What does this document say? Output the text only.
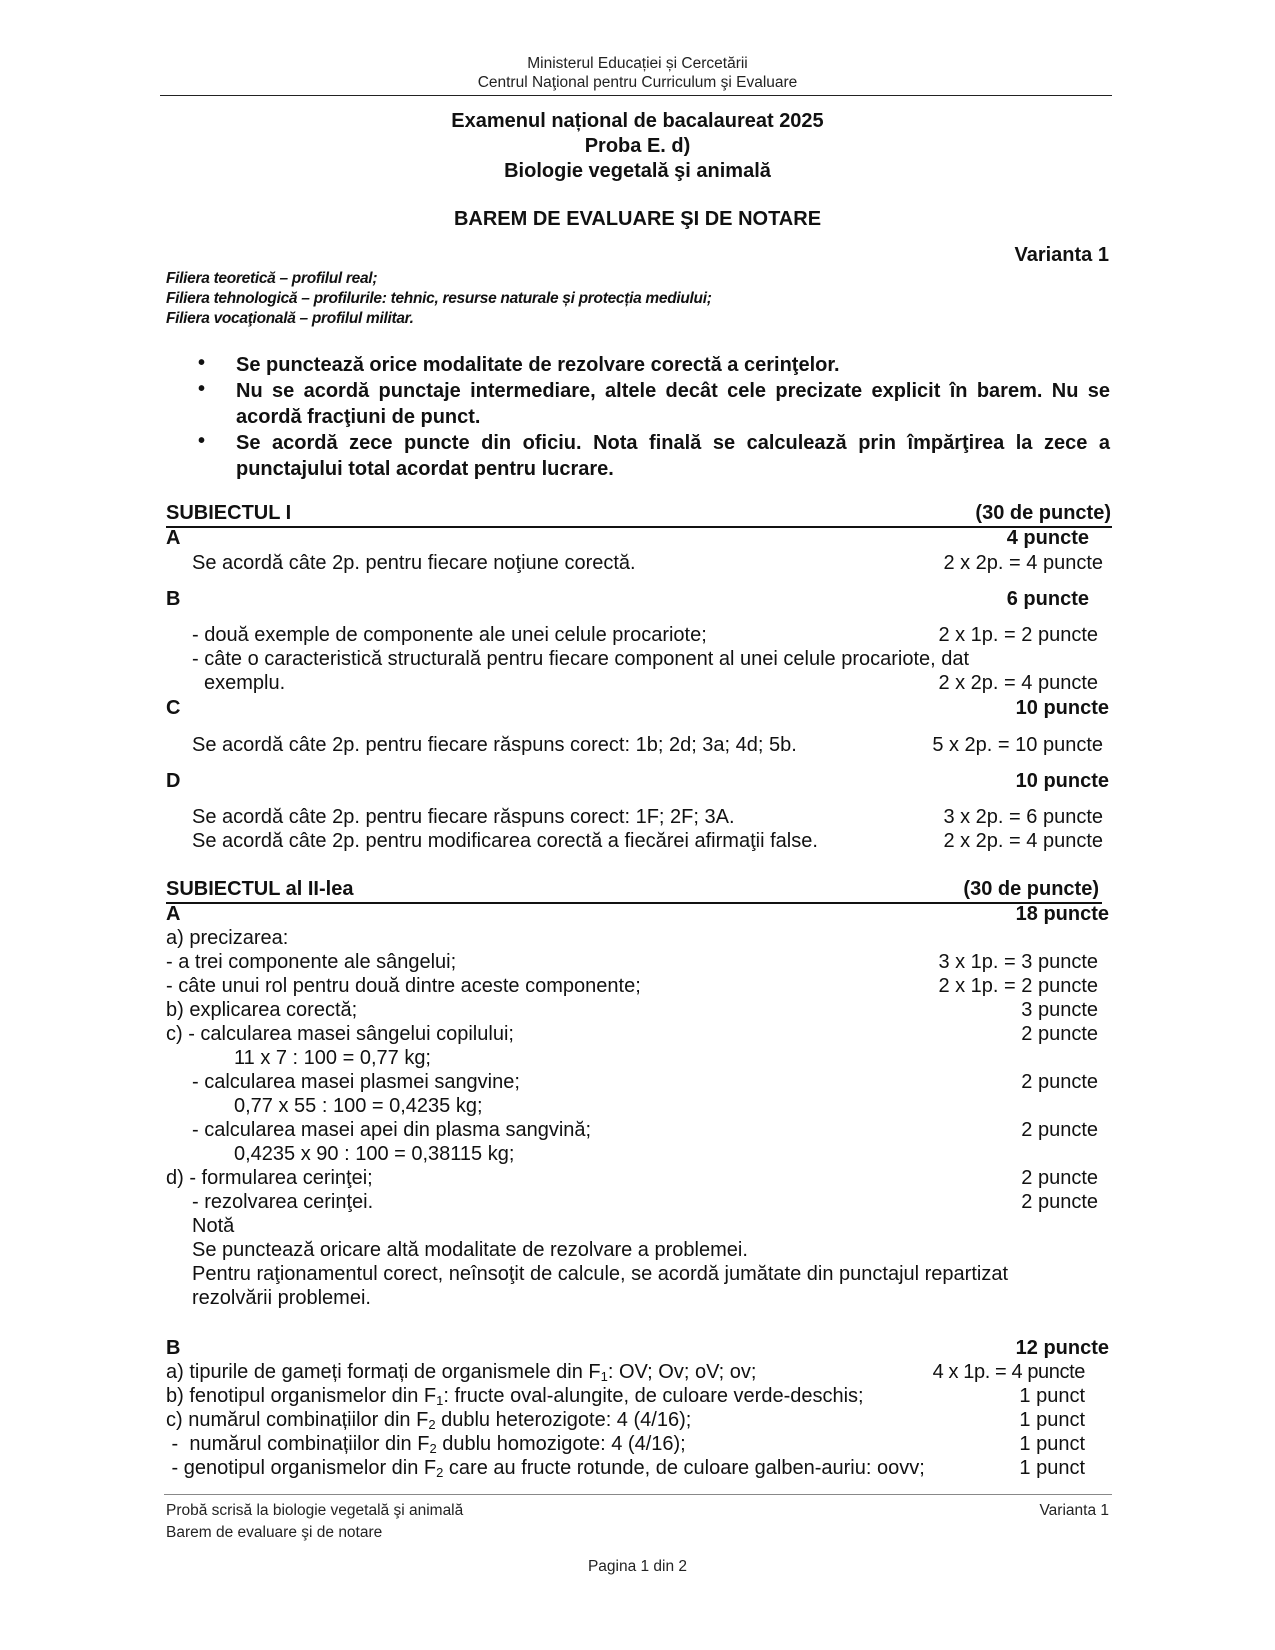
Ministerul Educației și Cercetării
Centrul Naţional pentru Curriculum şi Evaluare
Examenul național de bacalaureat 2025
Proba E. d)
Biologie vegetală şi animală
BAREM DE EVALUARE ŞI DE NOTARE
Varianta 1
Filiera teoretică – profilul real;
Filiera tehnologică – profilurile: tehnic, resurse naturale și protecția mediului;
Filiera vocaţională – profilul militar.
• Se punctează orice modalitate de rezolvare corectă a cerinţelor.
• Nu se acordă punctaje intermediare, altele decât cele precizate explicit în barem. Nu se acordă fracţiuni de punct.
• Se acordă zece puncte din oficiu. Nota finală se calculează prin împărţirea la zece a punctajului total acordat pentru lucrare.
SUBIECTUL I	(30 de puncte)
A	4 puncte
Se acordă câte 2p. pentru fiecare noţiune corectă.	2 x 2p. = 4 puncte
B	6 puncte
- două exemple de componente ale unei celule procariote;	2 x 1p. = 2 puncte
- câte o caracteristică structurală pentru fiecare component al unei celule procariote, dat
exemplu.	2 x 2p. = 4 puncte
C	10 puncte
Se acordă câte 2p. pentru fiecare răspuns corect: 1b; 2d; 3a; 4d; 5b.	5 x 2p. = 10 puncte
D	10 puncte
Se acordă câte 2p. pentru fiecare răspuns corect: 1F; 2F; 3A.	3 x 2p. = 6 puncte
Se acordă câte 2p. pentru modificarea corectă a fiecărei afirmaţii false.	2 x 2p. = 4 puncte
SUBIECTUL al II-lea	(30 de puncte)
A	18 puncte
a) precizarea:
- a trei componente ale sângelui;	3 x 1p. = 3 puncte
- câte unui rol pentru două dintre aceste componente;	2 x 1p. = 2 puncte
b) explicarea corectă;	3 puncte
c) - calcularea masei sângelui copilului;	2 puncte
11 x 7 : 100 = 0,77 kg;
- calcularea masei plasmei sangvine;	2 puncte
0,77 x 55 : 100 = 0,4235 kg;
- calcularea masei apei din plasma sangvină;	2 puncte
0,4235 x 90 : 100 = 0,38115 kg;
d) - formularea cerinţei;	2 puncte
- rezolvarea cerinţei.	2 puncte
Notă
Se punctează oricare altă modalitate de rezolvare a problemei.
Pentru raţionamentul corect, neînsoţit de calcule, se acordă jumătate din punctajul repartizat
rezolvării problemei.
B	12 puncte
a) tipurile de gameți formați de organismele din $F_1$: OV; Ov; oV; ov;	4 x 1p. = 4 puncte
b) fenotipul organismelor din $F_1$: fructe oval-alungite, de culoare verde-deschis;	1 punct
c) numărul combinațiilor din $F_2$ dublu heterozigote: 4 (4/16);	1 punct
-  numărul combinațiilor din $F_2$ dublu homozigote: 4 (4/16);	1 punct
- genotipul organismelor din $F_2$ care au fructe rotunde, de culoare galben-auriu: oovv;	1 punct
Probă scrisă la biologie vegetală şi animală
Barem de evaluare şi de notare
Varianta 1
Pagina 1 din 2
